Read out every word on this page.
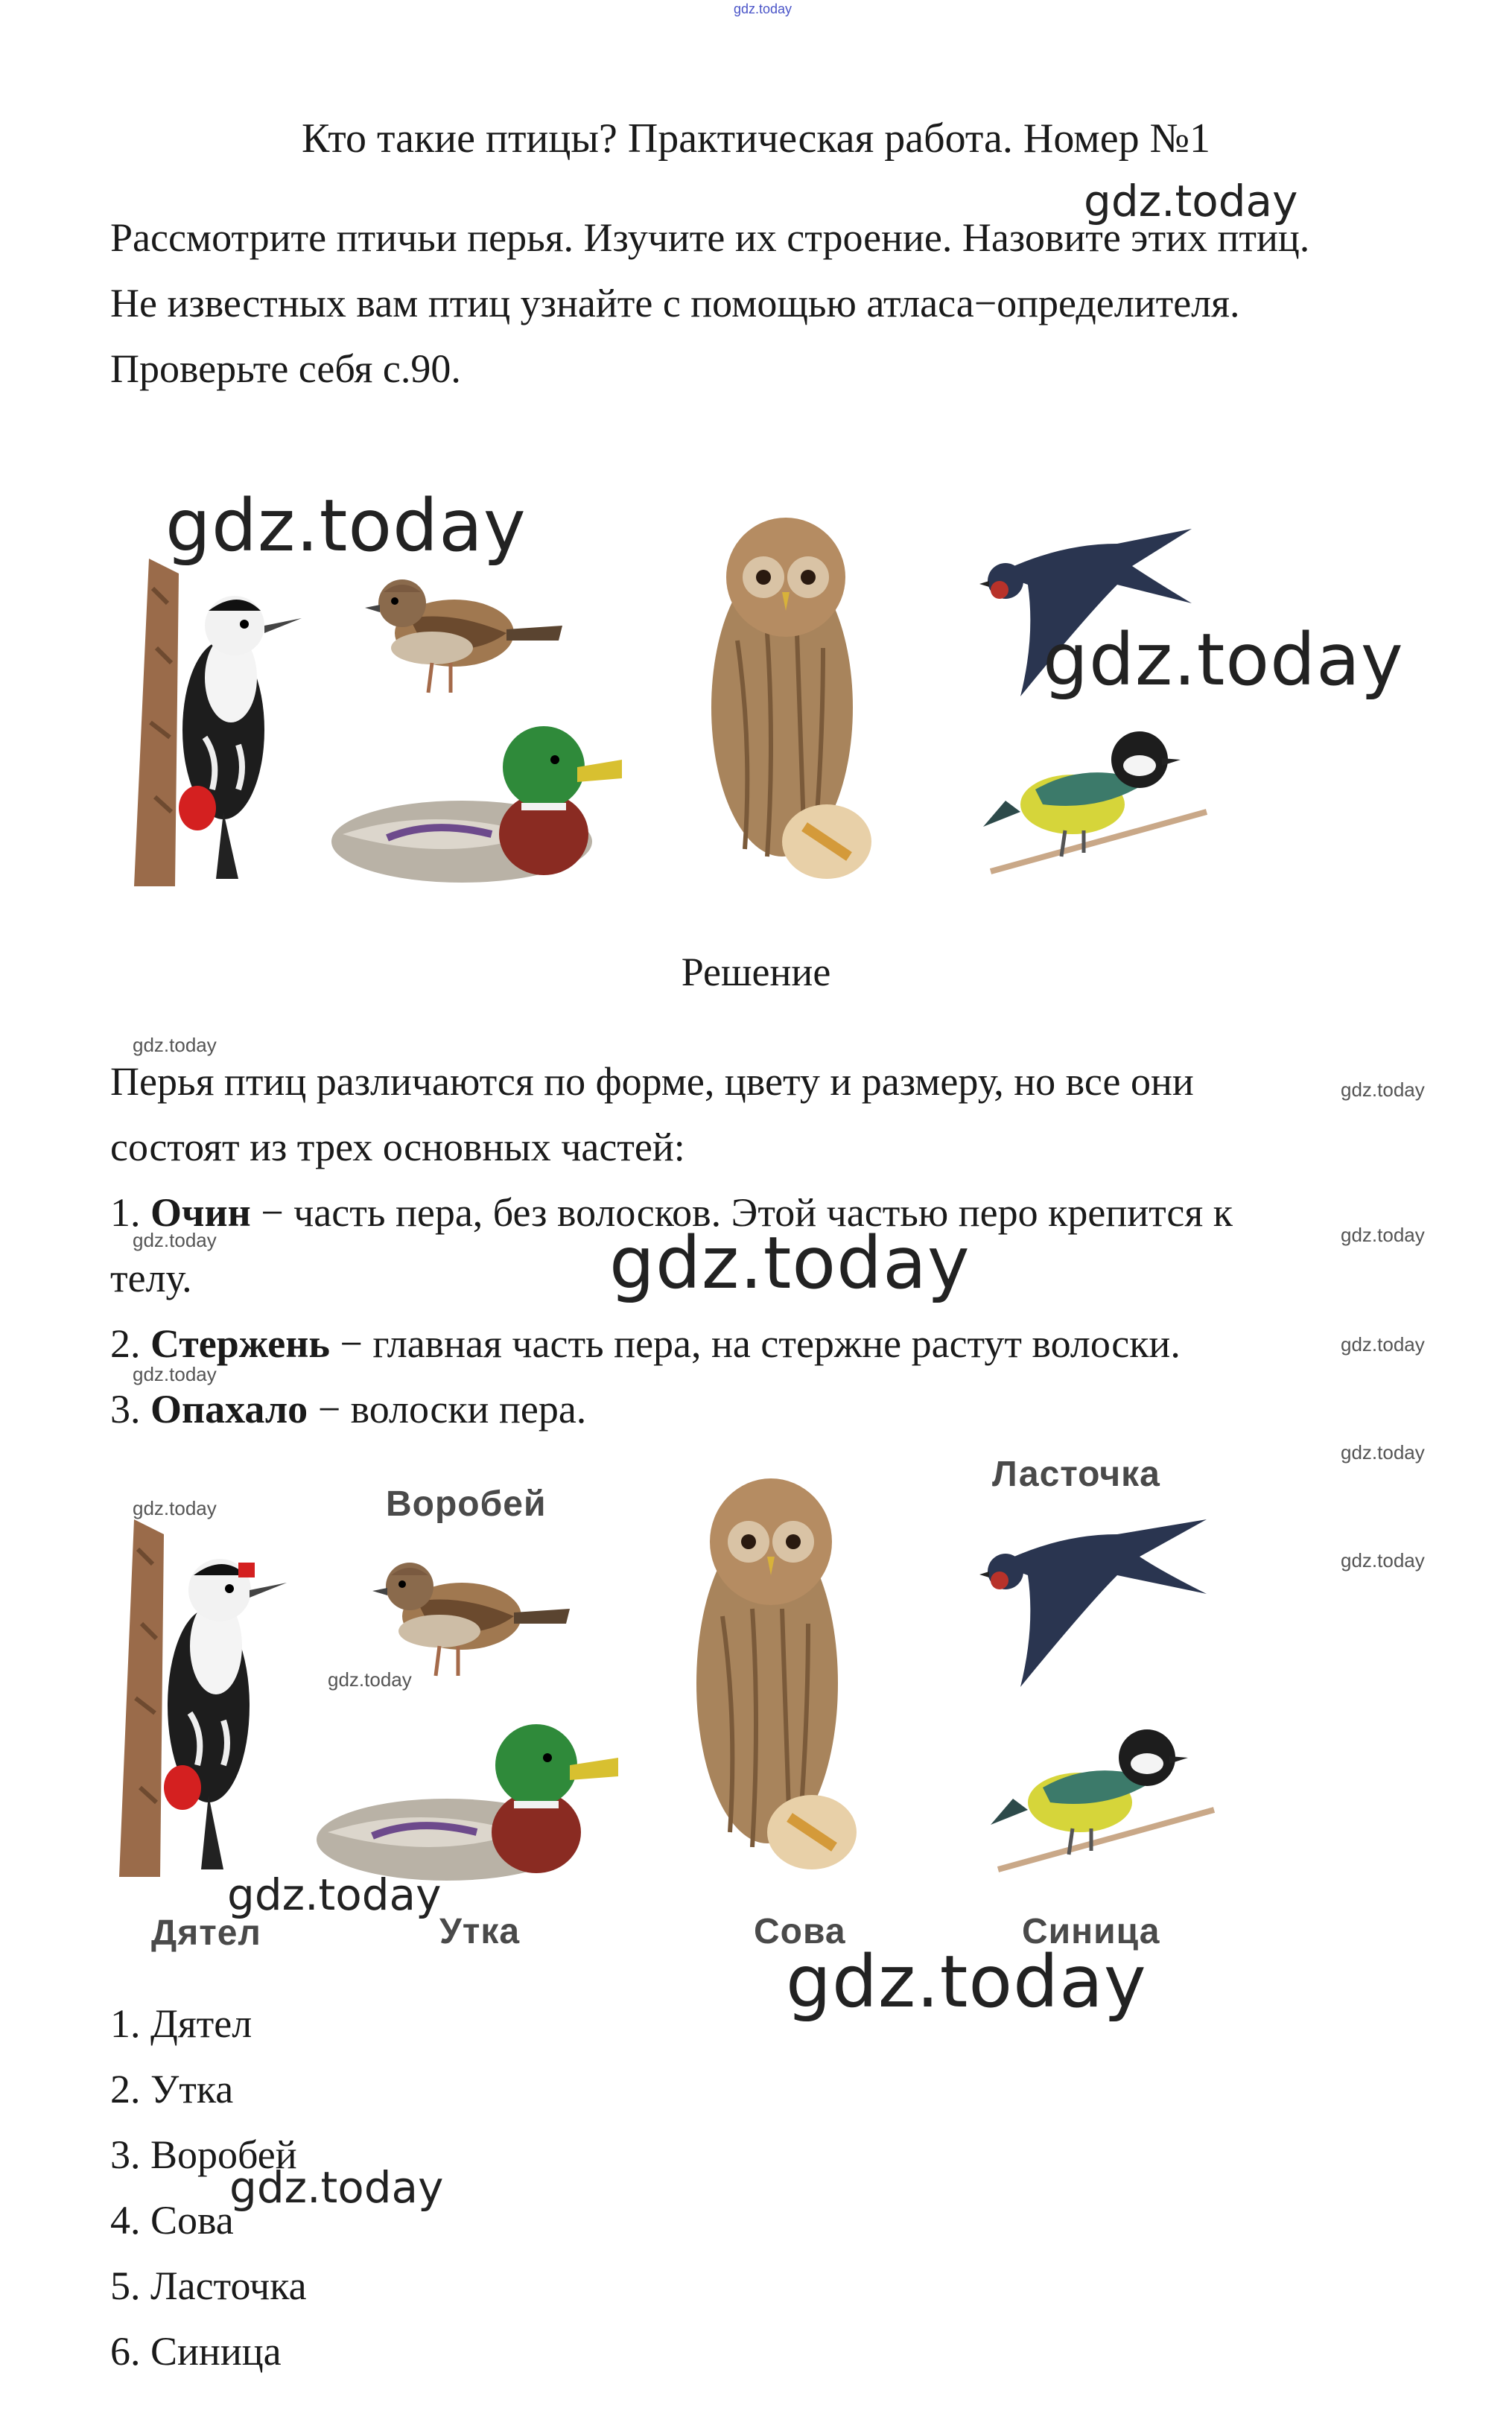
gdz.today
Кто такие птицы? Практическая работа. Номер №1
Рассмотрите птичьи перья. Изучите их строение. Назовите этих птиц.
Не известных вам птиц узнайте с помощью атласа−определителя.
Проверьте себя с.90.
gdz.today
gdz.today
gdz.today
Решение
gdz.today
gdz.today
Перья птиц различаются по форме, цвету и размеру, но все они
состоят из трех основных частей:
1. Очин − часть пера, без волосков. Этой частью перо крепится к
gdz.today	gdz.today
телу.	gdz.today
2. Стержень − главная часть пера, на стержне растут волоски.	gdz.today
gdz.today
3. Опахало − волоски пера.
gdz.today
gdz.today
gdz.today
Воробей
Ласточка
gdz.today
Дятел	Утка	Сова	Синица
gdz.today
gdz.today
1. Дятел
2. Утка
3. Воробей
gdz.today
4. Сова
5. Ласточка
6. Синица
